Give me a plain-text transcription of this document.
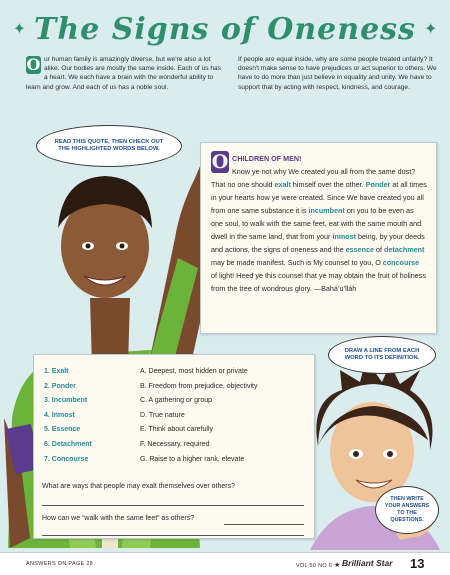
✦ The Signs of Oneness ✦
O ur human family is amazingly diverse, but we're also a lot alike. Our bodies are mostly the same inside. Each of us has a heart. We each have a brain with the wonderful ability to learn and grow. And each of us has a noble soul.
If people are equal inside, why are some people treated unfairly? It doesn't make sense to have prejudices or act superior to others. We have to do more than just believe in equality and unity. We have to support that by acting with respect, kindness, and courage.
READ THIS QUOTE, THEN CHECK OUT
THE HIGHLIGHTED WORDS BELOW.
O CHILDREN OF MEN!
Know ye not why We created you all from the same dust? That no one should exalt himself over the other. Ponder at all times in your hearts how ye were created. Since We have created you all from one same substance it is incumbent on you to be even as one soul, to walk with the same feet, eat with the same mouth and dwell in the same land, that from your inmost being, by your deeds and actions, the signs of oneness and the essence of detachment may be made manifest. Such is My counsel to you, O concourse of light! Heed ye this counsel that ye may obtain the fruit of holiness from the tree of wondrous glory. —Bahá’u’lláh
DRAW A LINE FROM EACH
WORD TO ITS DEFINITION.
THEN WRITE
YOUR ANSWERS
TO THE
QUESTIONS.
1. Exalt
2. Ponder
3. Incumbent
4. Inmost
5. Essence
6. Detachment
7. Concourse
A. Deepest, most hidden or private
B. Freedom from prejudice, objectivity
C. A gathering or group
D. True nature
E. Think about carefully
F. Necessary, required
G. Raise to a higher rank, elevate
What are ways that people may exalt themselves over others?
How can we “walk with the same feet” as others?
ANSWERS ON PAGE 28	VOL 50 NO 6 ★ Brilliant Star 13
